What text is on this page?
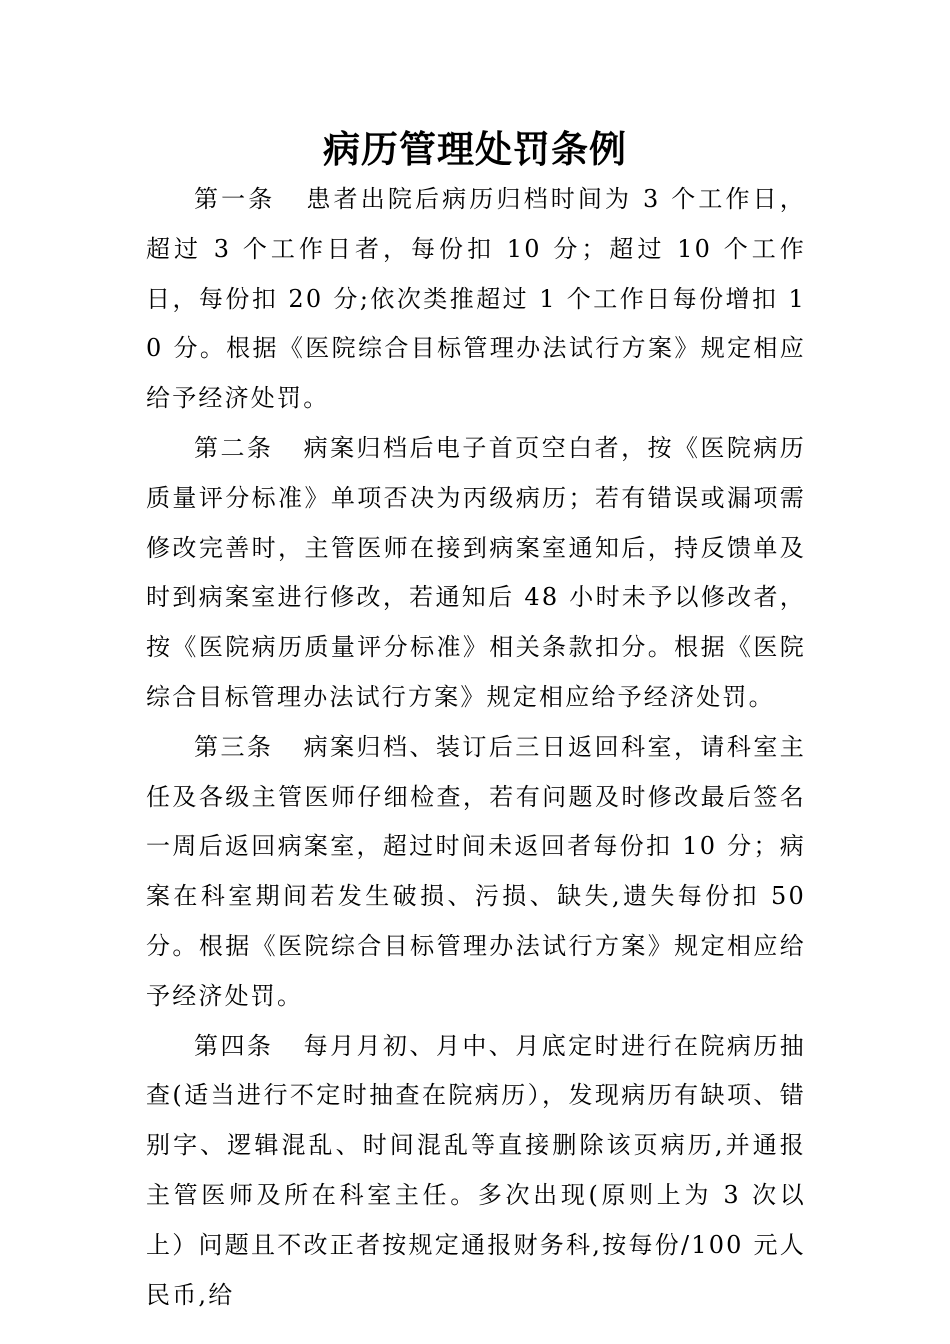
病历管理处罚条例

第一条 患者出院后病历归档时间为 3 个工作日，超过 3 个工作日者，每份扣 10 分；超过 10 个工作日，每份扣 20 分;依次类推超过 1 个工作日每份增扣 10 分。根据《医院综合目标管理办法试行方案》规定相应给予经济处罚。

第二条 病案归档后电子首页空白者，按《医院病历质量评分标准》单项否决为丙级病历；若有错误或漏项需修改完善时，主管医师在接到病案室通知后，持反馈单及时到病案室进行修改，若通知后 48 小时未予以修改者，按《医院病历质量评分标准》相关条款扣分。根据《医院综合目标管理办法试行方案》规定相应给予经济处罚。

第三条 病案归档、装订后三日返回科室，请科室主任及各级主管医师仔细检查，若有问题及时修改最后签名一周后返回病案室，超过时间未返回者每份扣 10 分；病案在科室期间若发生破损、污损、缺失,遗失每份扣 50 分。根据《医院综合目标管理办法试行方案》规定相应给予经济处罚。

第四条 每月月初、月中、月底定时进行在院病历抽查(适当进行不定时抽查在院病历），发现病历有缺项、错别字、逻辑混乱、时间混乱等直接删除该页病历,并通报主管医师及所在科室主任。多次出现(原则上为 3 次以上）问题且不改正者按规定通报财务科,按每份/100 元人民币,给
